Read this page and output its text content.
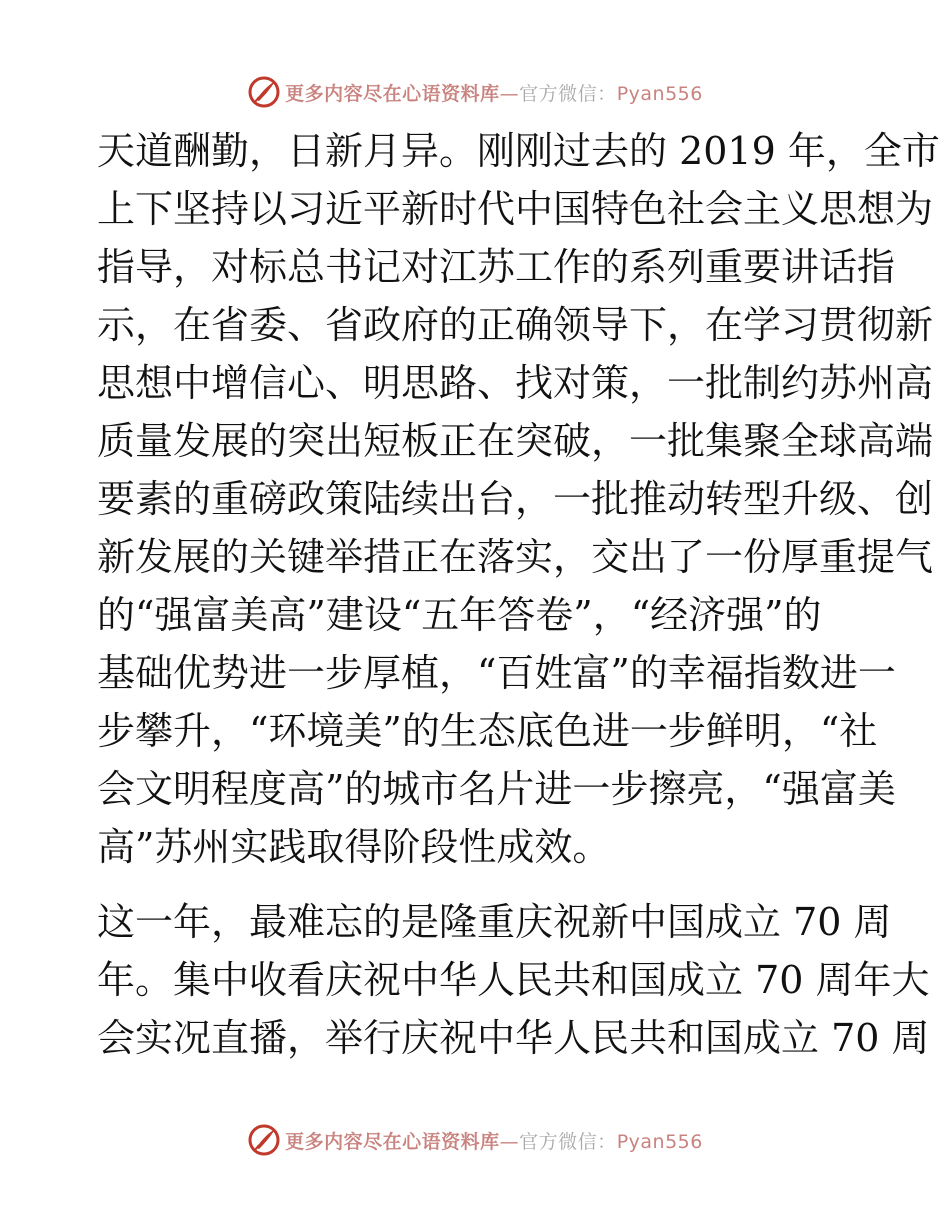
更多内容尽在心语资料库—官方微信：Pyan556
天道酬勤，日新月异。刚刚过去的 2019 年，全市
上下坚持以习近平新时代中国特色社会主义思想为
指导，对标总书记对江苏工作的系列重要讲话指
示，在省委、省政府的正确领导下，在学习贯彻新
思想中增信心、明思路、找对策，一批制约苏州高
质量发展的突出短板正在突破，一批集聚全球高端
要素的重磅政策陆续出台，一批推动转型升级、创
新发展的关键举措正在落实，交出了一份厚重提气
的“强富美高”建设“五年答卷”，“经济强”的
基础优势进一步厚植，“百姓富”的幸福指数进一
步攀升，“环境美”的生态底色进一步鲜明，“社
会文明程度高”的城市名片进一步擦亮，“强富美
高”苏州实践取得阶段性成效。
这一年，最难忘的是隆重庆祝新中国成立 70 周
年。集中收看庆祝中华人民共和国成立 70 周年大
会实况直播，举行庆祝中华人民共和国成立 70 周
更多内容尽在心语资料库—官方微信：Pyan556
